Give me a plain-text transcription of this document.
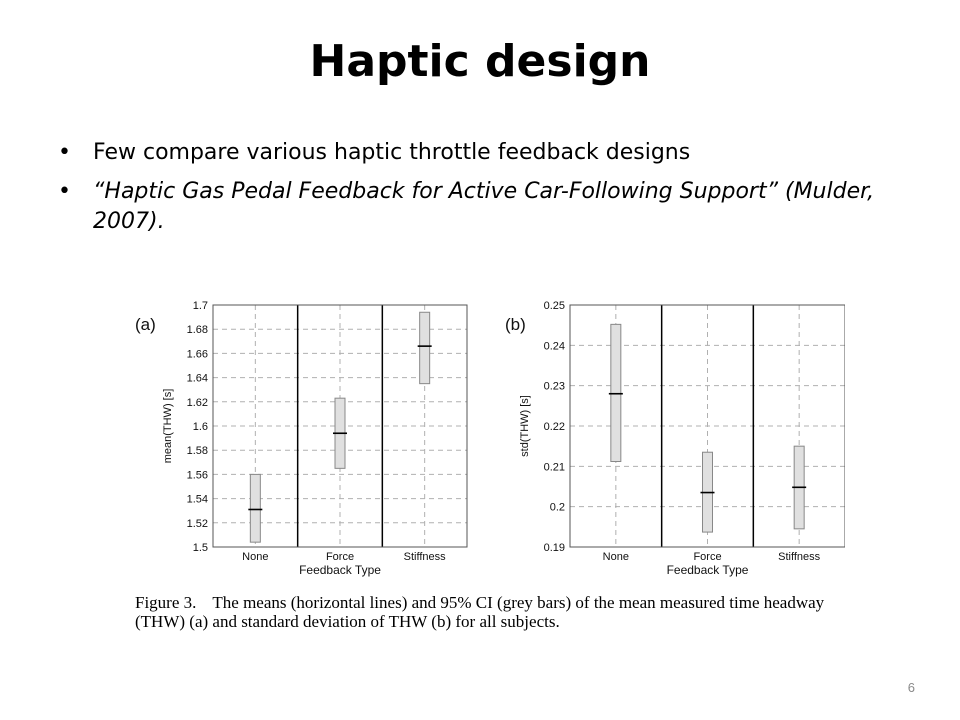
Haptic design
• Few compare various haptic throttle feedback designs
• “Haptic Gas Pedal Feedback for Active Car-Following Support” (Mulder, 2007).
(a)
1.5
1.52
1.54
1.56
1.58
1.6
1.62
1.64
1.66
1.68
1.7
None	Force	Stiffness
Feedback Type
mean(THW) [s]
(b)
0.19
0.2
0.21
0.22
0.23
0.24
0.25
None	Force	Stiffness
Feedback Type
std(THW) [s]
Figure 3. The means (horizontal lines) and 95% CI (grey bars) of the mean measured time headway (THW) (a) and standard deviation of THW (b) for all subjects.
6
